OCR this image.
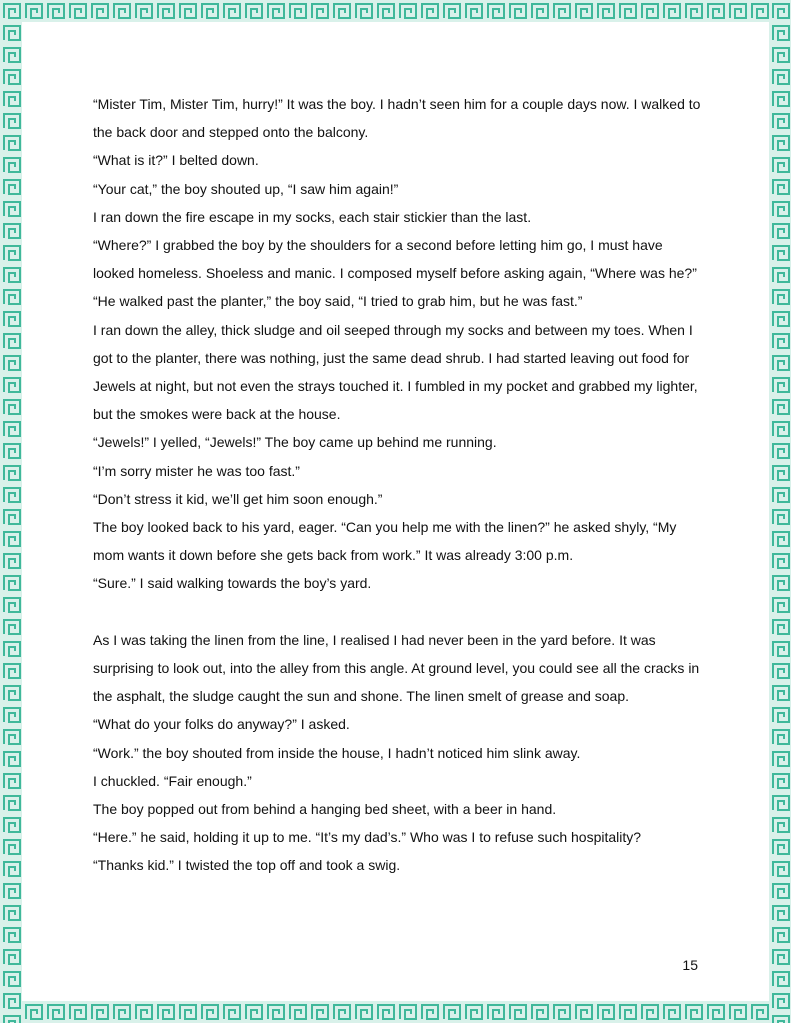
“Mister Tim, Mister Tim, hurry!” It was the boy. I hadn’t seen him for a couple days now. I walked to the back door and stepped onto the balcony.

“What is it?” I belted down.

“Your cat,” the boy shouted up, “I saw him again!”

I ran down the fire escape in my socks, each stair stickier than the last.

“Where?” I grabbed the boy by the shoulders for a second before letting him go, I must have looked homeless. Shoeless and manic. I composed myself before asking again, “Where was he?”

“He walked past the planter,” the boy said, “I tried to grab him, but he was fast.”

I ran down the alley, thick sludge and oil seeped through my socks and between my toes. When I got to the planter, there was nothing, just the same dead shrub. I had started leaving out food for Jewels at night, but not even the strays touched it. I fumbled in my pocket and grabbed my lighter, but the smokes were back at the house.

“Jewels!” I yelled, “Jewels!” The boy came up behind me running.

“I’m sorry mister he was too fast.”

“Don’t stress it kid, we’ll get him soon enough.”

The boy looked back to his yard, eager. “Can you help me with the linen?” he asked shyly, “My mom wants it down before she gets back from work.” It was already 3:00 p.m.

“Sure.” I said walking towards the boy’s yard.

As I was taking the linen from the line, I realised I had never been in the yard before. It was surprising to look out, into the alley from this angle. At ground level, you could see all the cracks in the asphalt, the sludge caught the sun and shone. The linen smelt of grease and soap.

“What do your folks do anyway?” I asked.

“Work.” the boy shouted from inside the house, I hadn’t noticed him slink away.

I chuckled. “Fair enough.”

The boy popped out from behind a hanging bed sheet, with a beer in hand.

“Here.” he said, holding it up to me. “It’s my dad’s.” Who was I to refuse such hospitality?

“Thanks kid.” I twisted the top off and took a swig.

15
